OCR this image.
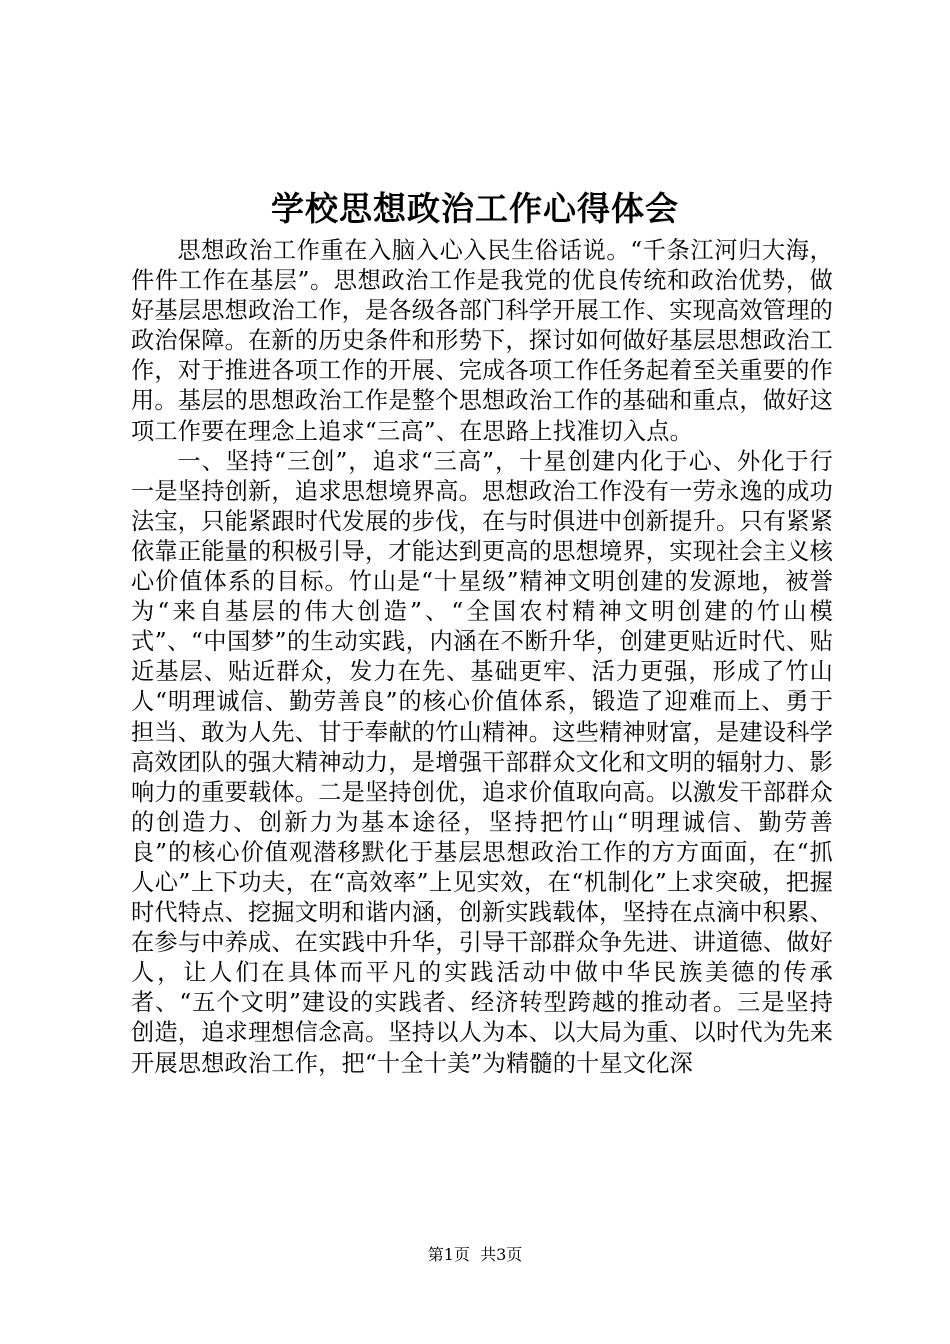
学校思想政治工作心得体会

思想政治工作重在入脑入心入民生俗话说。“千条江河归大海，件件工作在基层”。思想政治工作是我党的优良传统和政治优势，做好基层思想政治工作，是各级各部门科学开展工作、实现高效管理的政治保障。在新的历史条件和形势下，探讨如何做好基层思想政治工作，对于推进各项工作的开展、完成各项工作任务起着至关重要的作用。基层的思想政治工作是整个思想政治工作的基础和重点，做好这项工作要在理念上追求“三高”、在思路上找准切入点。

一、坚持“三创”，追求“三高”，十星创建内化于心、外化于行一是坚持创新，追求思想境界高。思想政治工作没有一劳永逸的成功法宝，只能紧跟时代发展的步伐，在与时俱进中创新提升。只有紧紧依靠正能量的积极引导，才能达到更高的思想境界，实现社会主义核心价值体系的目标。竹山是“十星级”精神文明创建的发源地，被誉为“来自基层的伟大创造”、“全国农村精神文明创建的竹山模式”、“中国梦”的生动实践，内涵在不断升华，创建更贴近时代、贴近基层、贴近群众，发力在先、基础更牢、活力更强，形成了竹山人“明理诚信、勤劳善良”的核心价值体系，锻造了迎难而上、勇于担当、敢为人先、甘于奉献的竹山精神。这些精神财富，是建设科学高效团队的强大精神动力，是增强干部群众文化和文明的辐射力、影响力的重要载体。二是坚持创优，追求价值取向高。以激发干部群众的创造力、创新力为基本途径，坚持把竹山“明理诚信、勤劳善良”的核心价值观潜移默化于基层思想政治工作的方方面面，在“抓人心”上下功夫，在“高效率”上见实效，在“机制化”上求突破，把握时代特点、挖掘文明和谐内涵，创新实践载体，坚持在点滴中积累、在参与中养成、在实践中升华，引导干部群众争先进、讲道德、做好人，让人们在具体而平凡的实践活动中做中华民族美德的传承者、“五个文明”建设的实践者、经济转型跨越的推动者。三是坚持创造，追求理想信念高。坚持以人为本、以大局为重、以时代为先来开展思想政治工作，把“十全十美”为精髓的十星文化深

第1页 共3页
